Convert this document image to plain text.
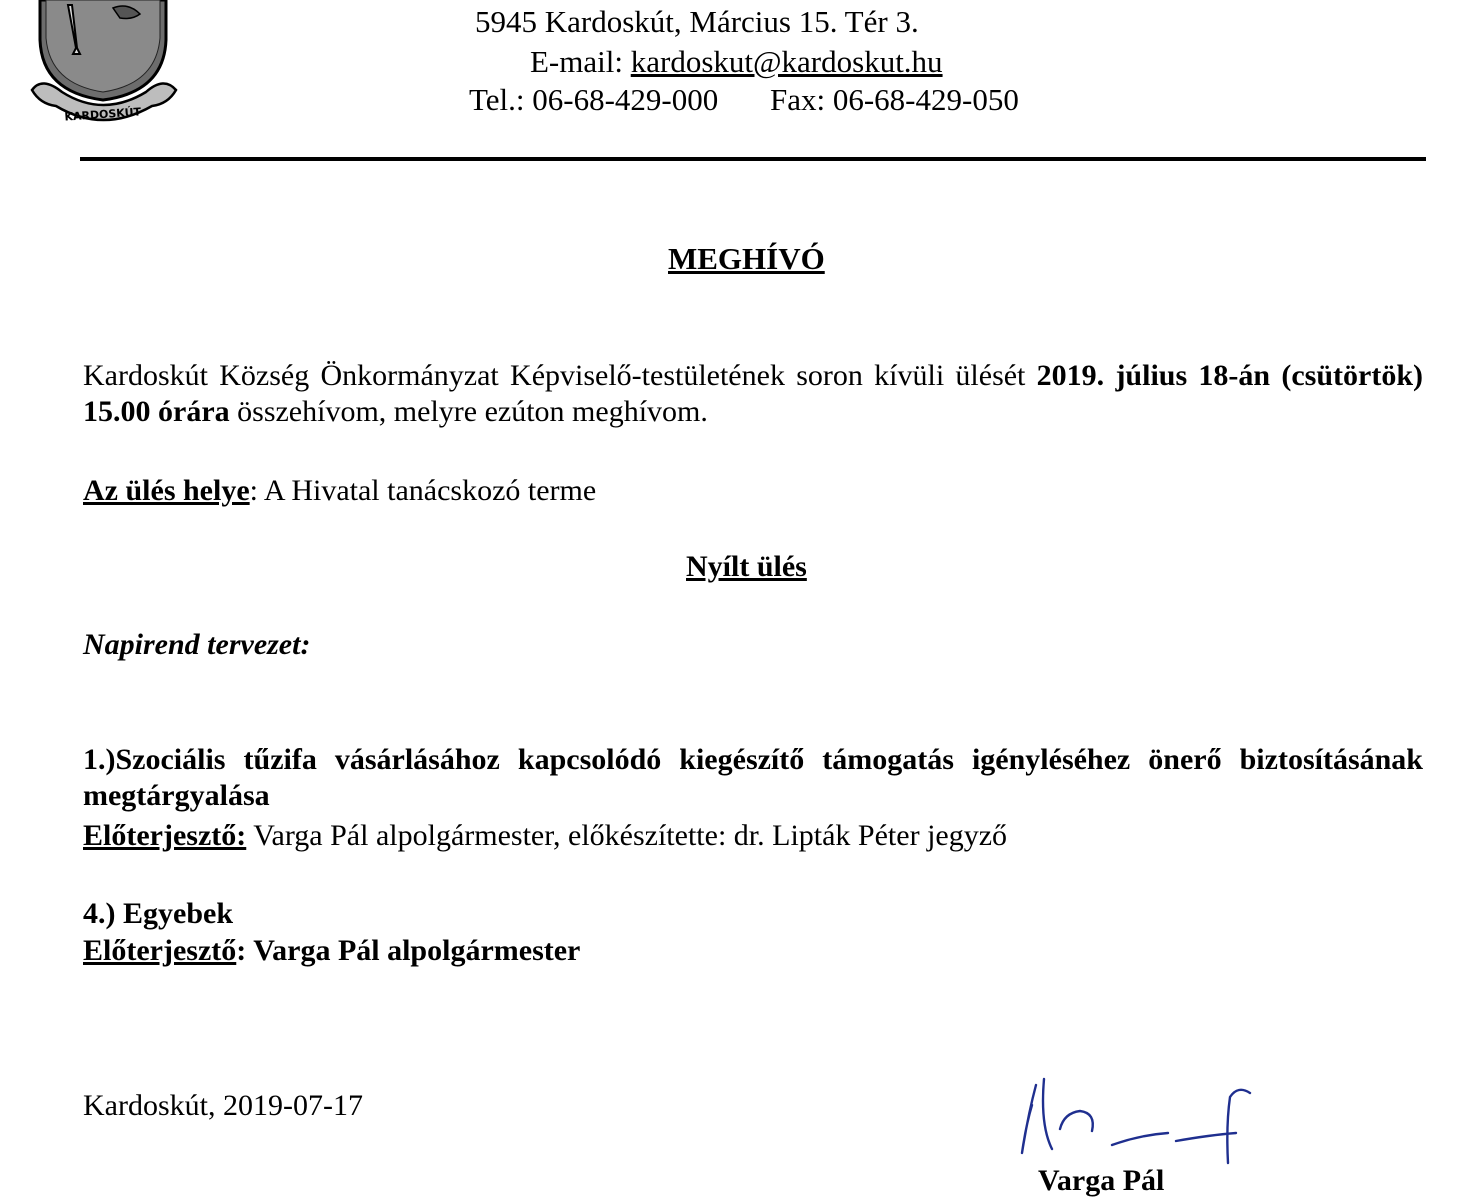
KARDOSKÚT
5945 Kardoskút, Március 15. Tér 3.
E-mail: kardoskut@kardoskut.hu
Tel.: 06-68-429-000 Fax: 06-68-429-050
MEGHÍVÓ
Kardoskút Község Önkormányzat Képviselő-testületének soron kívüli ülését 2019. július 18-án (csütörtök) 15.00 órára összehívom, melyre ezúton meghívom.
Az ülés helye: A Hivatal tanácskozó terme
Nyílt ülés
Napirend tervezet:
1.)Szociális tűzifa vásárlásához kapcsolódó kiegészítő támogatás igényléséhez önerő biztosításának megtárgyalása
Előterjesztő: Varga Pál alpolgármester, előkészítette: dr. Lipták Péter jegyző
4.) Egyebek
Előterjesztő: Varga Pál alpolgármester
Kardoskút, 2019-07-17
Varga Pál
